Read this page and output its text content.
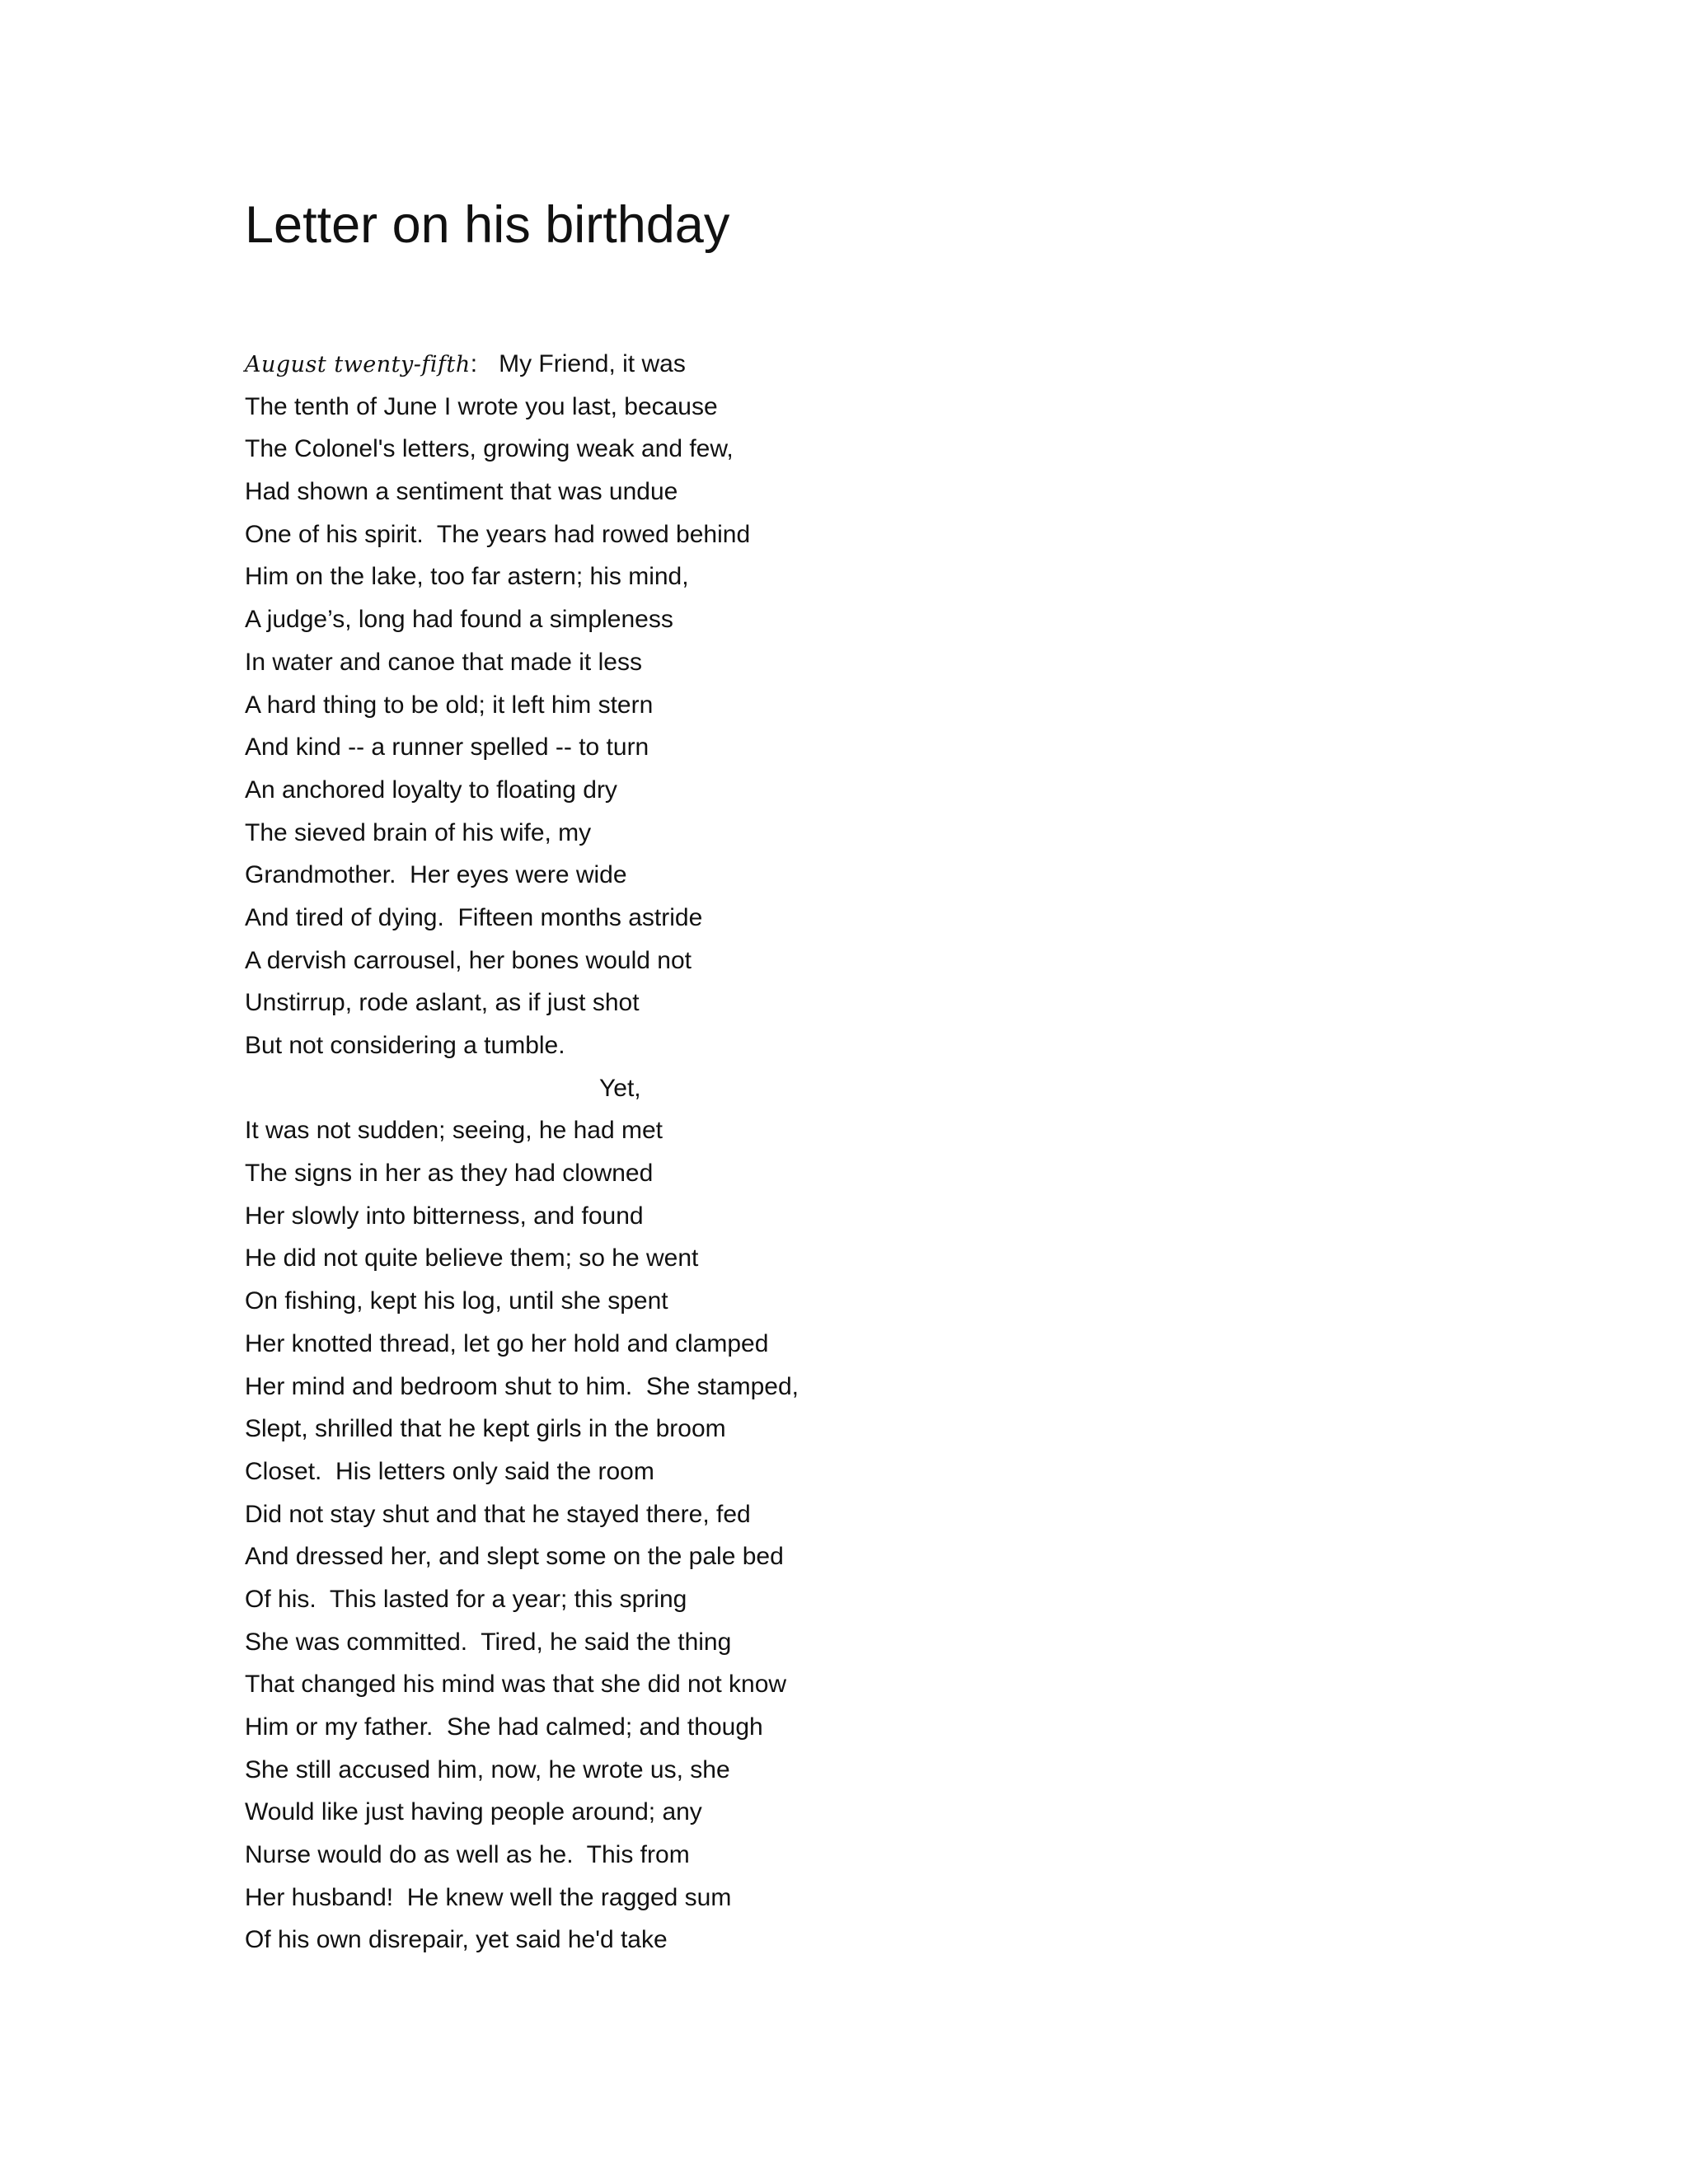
Letter on his birthday
August twenty-fifth : My Friend, it was
The tenth of June I wrote you last, because
The Colonel's letters, growing weak and few,
Had shown a sentiment that was undue
One of his spirit.  The years had rowed behind
Him on the lake, too far astern; his mind,
A judge’s, long had found a simpleness
In water and canoe that made it less
A hard thing to be old; it left him stern
And kind -- a runner spelled -- to turn
An anchored loyalty to floating dry
The sieved brain of his wife, my
Grandmother.  Her eyes were wide
And tired of dying.  Fifteen months astride
A dervish carrousel, her bones would not
Unstirrup, rode aslant, as if just shot
But not considering a tumble.
Yet,
It was not sudden; seeing, he had met
The signs in her as they had clowned
Her slowly into bitterness, and found
He did not quite believe them; so he went
On fishing, kept his log, until she spent
Her knotted thread, let go her hold and clamped
Her mind and bedroom shut to him.  She stamped,
Slept, shrilled that he kept girls in the broom
Closet.  His letters only said the room
Did not stay shut and that he stayed there, fed
And dressed her, and slept some on the pale bed
Of his.  This lasted for a year; this spring
She was committed.  Tired, he said the thing
That changed his mind was that she did not know
Him or my father.  She had calmed; and though
She still accused him, now, he wrote us, she
Would like just having people around; any
Nurse would do as well as he.  This from
Her husband!  He knew well the ragged sum
Of his own disrepair, yet said he'd take
